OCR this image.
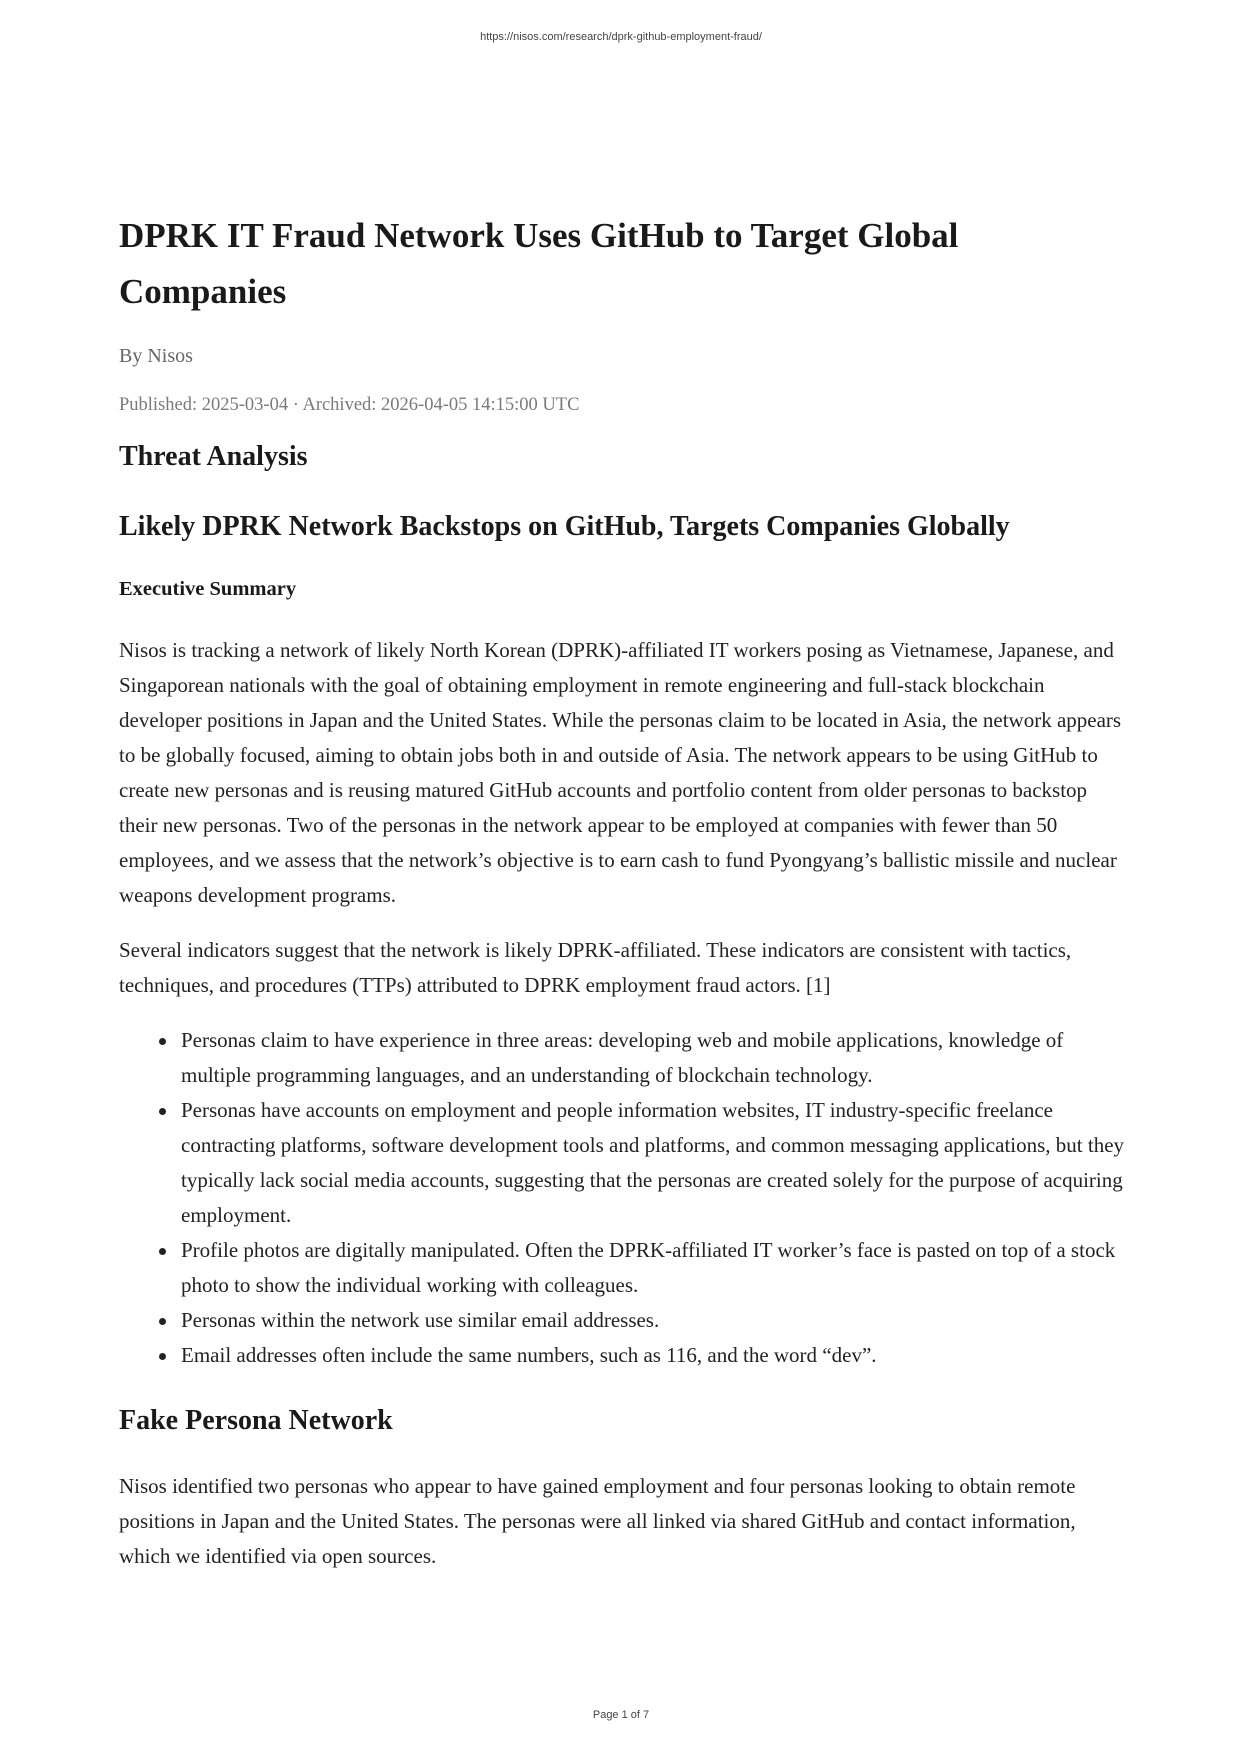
https://nisos.com/research/dprk-github-employment-fraud/
DPRK IT Fraud Network Uses GitHub to Target Global Companies
By Nisos
Published: 2025-03-04 · Archived: 2026-04-05 14:15:00 UTC
Threat Analysis
Likely DPRK Network Backstops on GitHub, Targets Companies Globally
Executive Summary

Nisos is tracking a network of likely North Korean (DPRK)-affiliated IT workers posing as Vietnamese, Japanese, and Singaporean nationals with the goal of obtaining employment in remote engineering and full-stack blockchain developer positions in Japan and the United States. While the personas claim to be located in Asia, the network appears to be globally focused, aiming to obtain jobs both in and outside of Asia. The network appears to be using GitHub to create new personas and is reusing matured GitHub accounts and portfolio content from older personas to backstop their new personas. Two of the personas in the network appear to be employed at companies with fewer than 50 employees, and we assess that the network’s objective is to earn cash to fund Pyongyang’s ballistic missile and nuclear weapons development programs.

Several indicators suggest that the network is likely DPRK-affiliated. These indicators are consistent with tactics, techniques, and procedures (TTPs) attributed to DPRK employment fraud actors. [1]

Personas claim to have experience in three areas: developing web and mobile applications, knowledge of multiple programming languages, and an understanding of blockchain technology.
Personas have accounts on employment and people information websites, IT industry-specific freelance contracting platforms, software development tools and platforms, and common messaging applications, but they typically lack social media accounts, suggesting that the personas are created solely for the purpose of acquiring employment.
Profile photos are digitally manipulated. Often the DPRK-affiliated IT worker’s face is pasted on top of a stock photo to show the individual working with colleagues.
Personas within the network use similar email addresses.
Email addresses often include the same numbers, such as 116, and the word “dev”.
Fake Persona Network

Nisos identified two personas who appear to have gained employment and four personas looking to obtain remote positions in Japan and the United States. The personas were all linked via shared GitHub and contact information, which we identified via open sources.

Page 1 of 7
